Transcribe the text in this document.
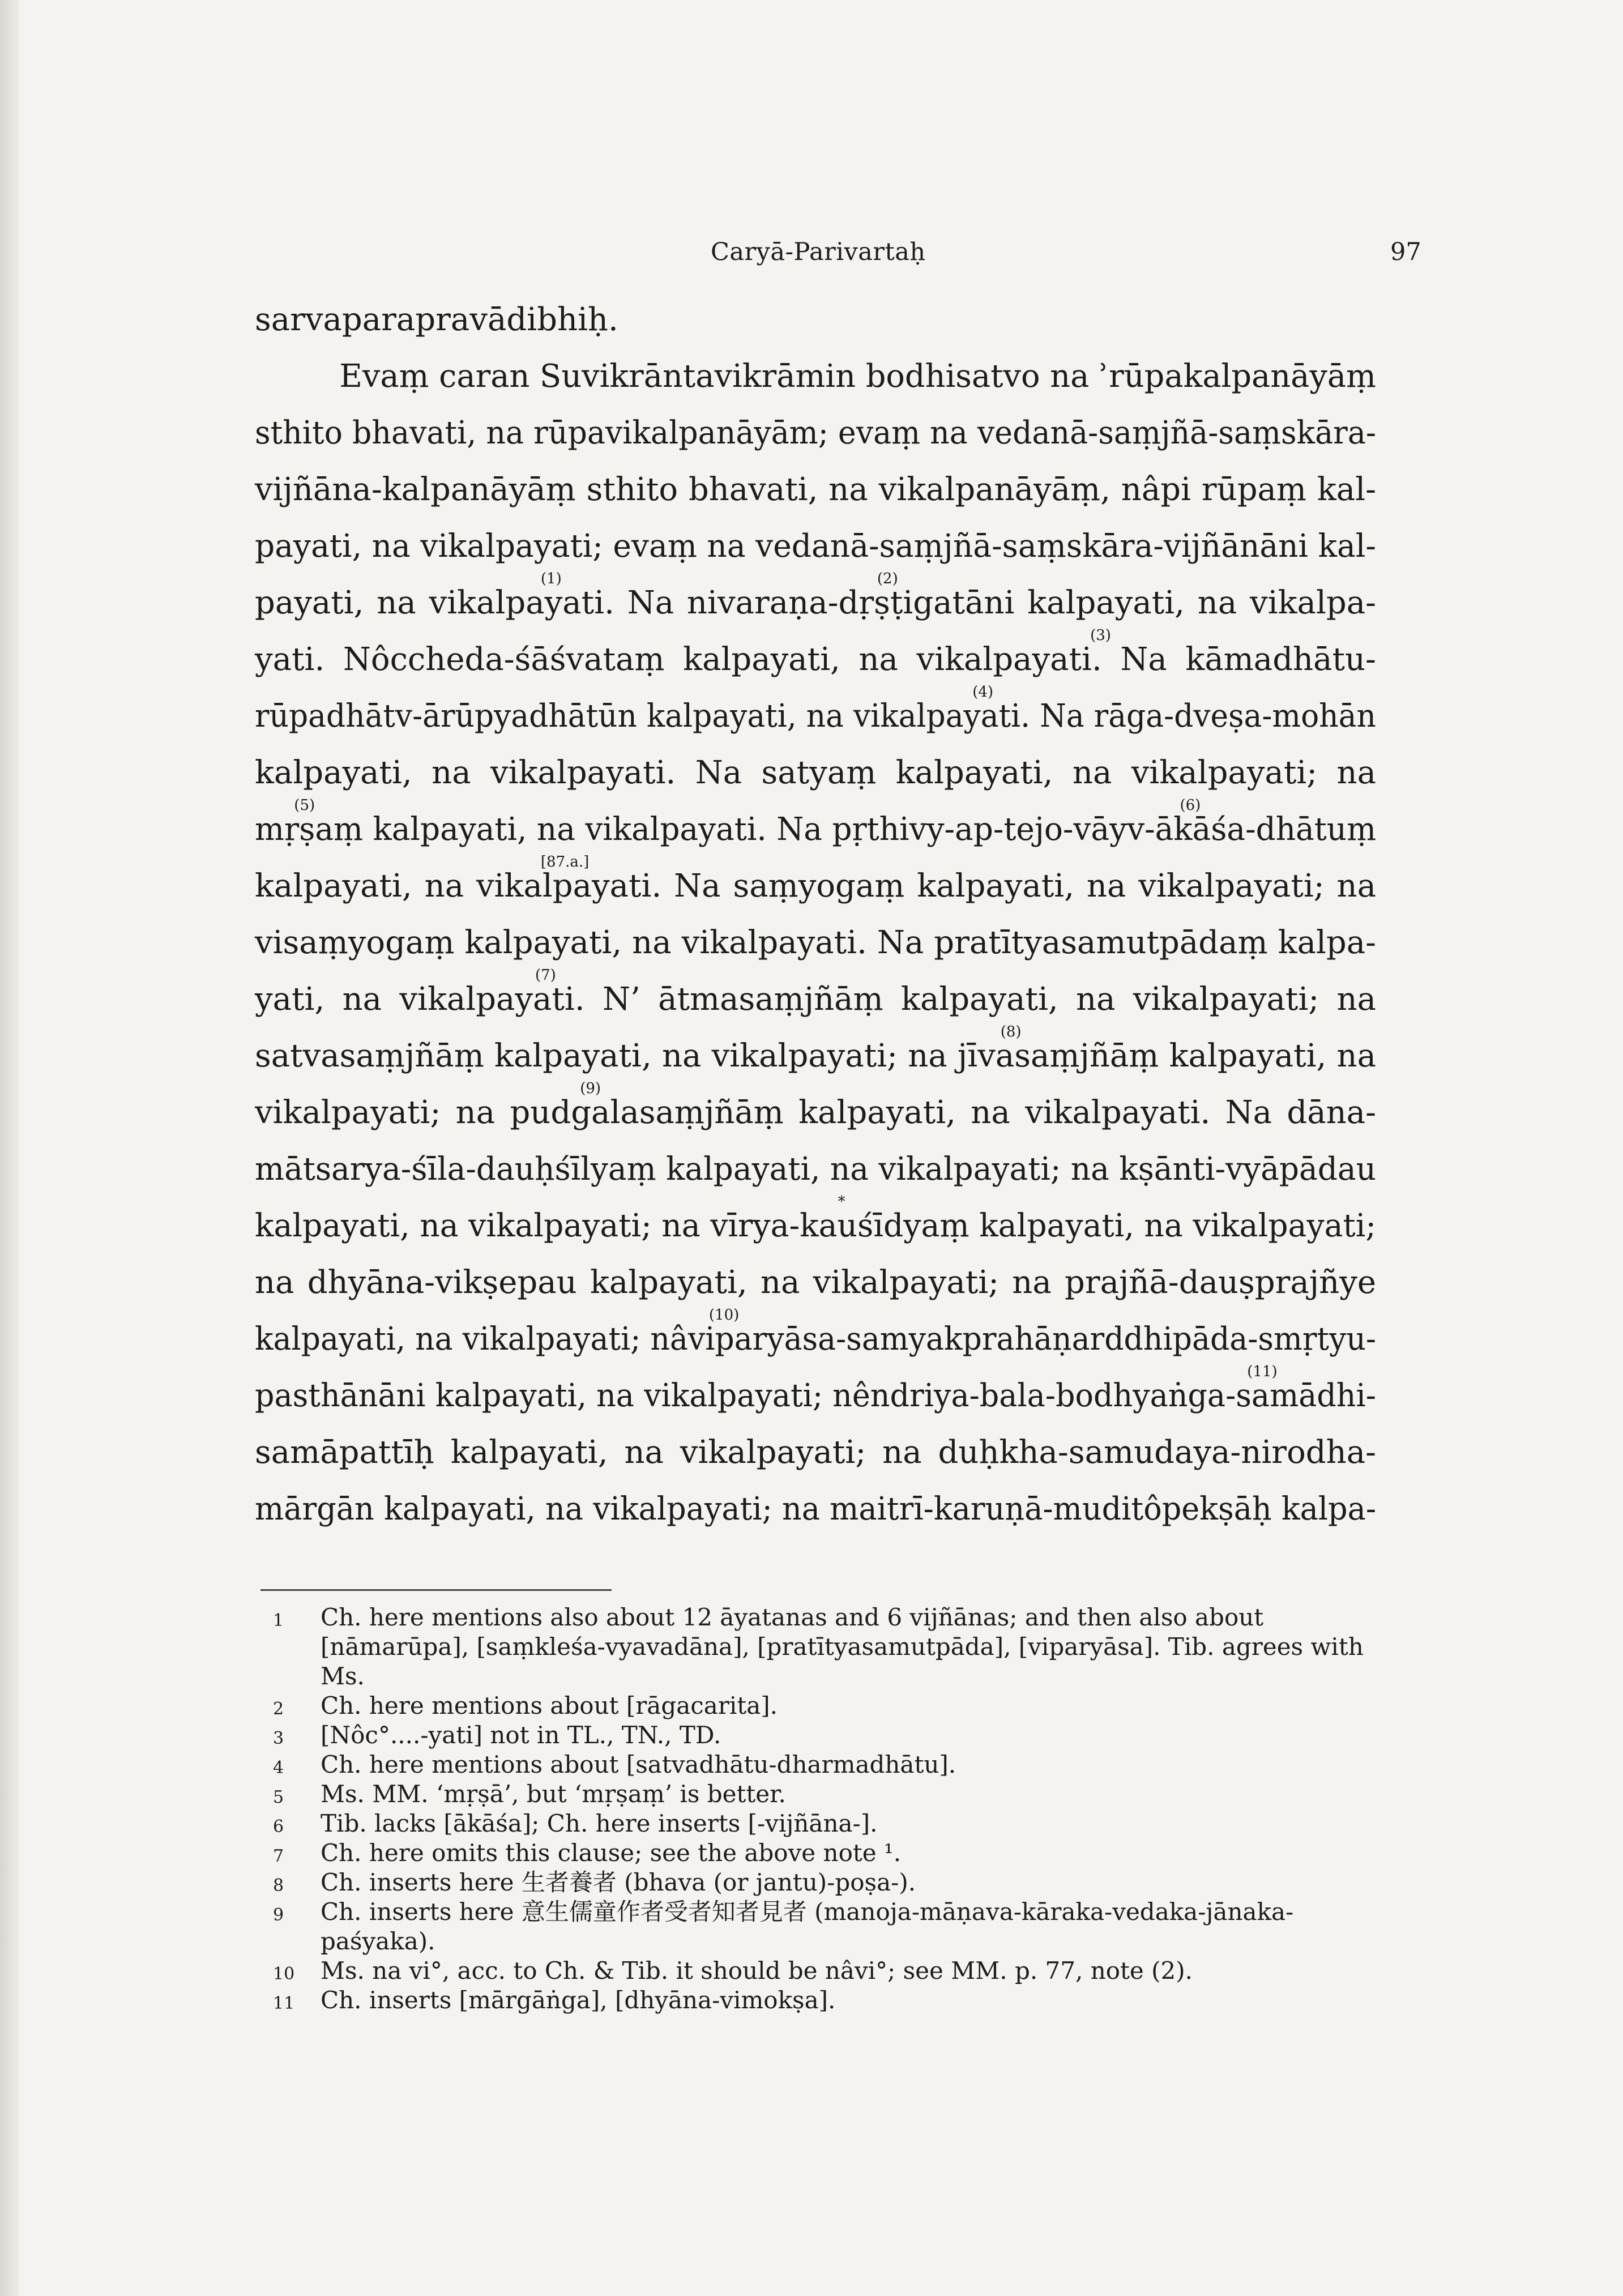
Caryā-Parivartaḥ	97
sarvaparapravādibhiḥ.
Evaṃ caran Suvikrāntavikrāmin bodhisatvo na ʾrūpakalpanāyāṃ
sthito bhavati, na rūpavikalpanāyām; evaṃ na vedanā-saṃjñā-saṃskāra-
vijñāna-kalpanāyāṃ sthito bhavati, na vikalpanāyāṃ, nâpi rūpaṃ kal-
payati, na vikalpayati; evaṃ na vedanā-saṃjñā-saṃskāra-vijñānāni kal-
(1)	(2)
payati, na vikalpayati. Na nivaraṇa-dṛṣṭigatāni kalpayati, na vikalpa-
(3)
yati. Nôccheda-śāśvataṃ kalpayati, na vikalpayati. Na kāmadhātu-
(4)
rūpadhātv-ārūpyadhātūn kalpayati, na vikalpayati. Na rāga-dveṣa-mohān
kalpayati, na vikalpayati. Na satyaṃ kalpayati, na vikalpayati; na
(5)	(6)
mṛṣaṃ kalpayati, na vikalpayati. Na pṛthivy-ap-tejo-vāyv-ākāśa-dhātuṃ
[87.a.]
kalpayati, na vikalpayati. Na saṃyogaṃ kalpayati, na vikalpayati; na
visaṃyogaṃ kalpayati, na vikalpayati. Na pratītyasamutpādaṃ kalpa-
(7)
yati, na vikalpayati. N’ ātmasaṃjñāṃ kalpayati, na vikalpayati; na
(8)
satvasaṃjñāṃ kalpayati, na vikalpayati; na jīvasaṃjñāṃ kalpayati, na
(9)
vikalpayati; na pudgalasaṃjñāṃ kalpayati, na vikalpayati. Na dāna-
mātsarya-śīla-dauḥśīlyaṃ kalpayati, na vikalpayati; na kṣānti-vyāpādau
*
kalpayati, na vikalpayati; na vīrya-kauśīdyaṃ kalpayati, na vikalpayati;
na dhyāna-vikṣepau kalpayati, na vikalpayati; na prajñā-dauṣprajñye
(10)
kalpayati, na vikalpayati; nâviparyāsa-samyakprahāṇarddhipāda-smṛtyu-
(11)
pasthānāni kalpayati, na vikalpayati; nêndriya-bala-bodhyaṅga-samādhi-
samāpattīḥ kalpayati, na vikalpayati; na duḥkha-samudaya-nirodha-
mārgān kalpayati, na vikalpayati; na maitrī-karuṇā-muditôpekṣāḥ kalpa-
1 Ch. here mentions also about 12 āyatanas and 6 vijñānas; and then also about [nāmarūpa], [saṃkleśa-vyavadāna], [pratītyasamutpāda], [viparyāsa]. Tib. agrees with Ms.
2 Ch. here mentions about [rāgacarita].
3 [Nôc°....-yati] not in TL., TN., TD.
4 Ch. here mentions about [satvadhātu-dharmadhātu].
5 Ms. MM. ‘mṛṣā’, but ‘mṛṣaṃ’ is better.
6 Tib. lacks [ākāśa]; Ch. here inserts [-vijñāna-].
7 Ch. here omits this clause; see the above note ¹.
8 Ch. inserts here 生者養者 (bhava (or jantu)-poṣa-).
9 Ch. inserts here 意生儒童作者受者知者見者 (manoja-māṇava-kāraka-vedaka-jānaka-paśyaka).
10 Ms. na vi°, acc. to Ch. & Tib. it should be nâvi°; see MM. p. 77, note (2).
11 Ch. inserts [mārgāṅga], [dhyāna-vimokṣa].
